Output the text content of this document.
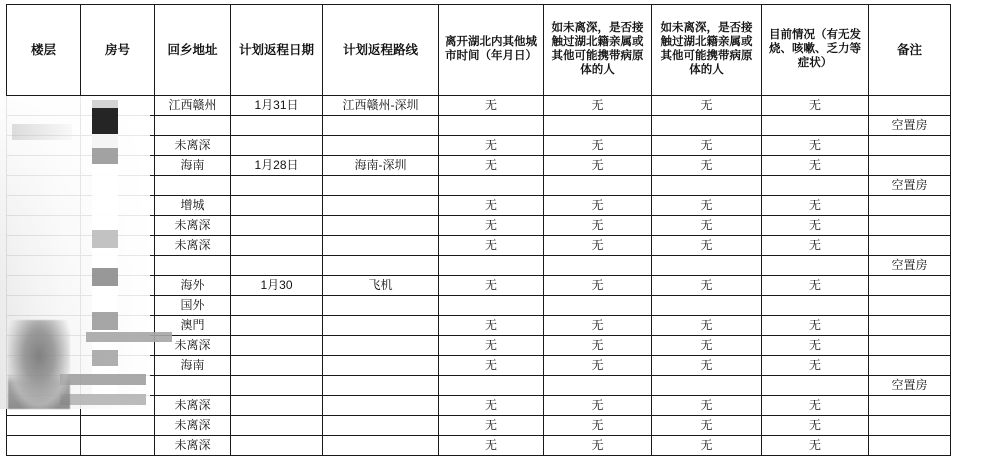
楼层	房号	回乡地址	计划返程日期	计划返程路线	离开湖北内其他城市时间（年月日）	如未离深，是否接触过湖北籍亲属或其他可能携带病原体的人	如未离深，是否接触过湖北籍亲属或其他可能携带病原体的人	目前情况（有无发烧、咳嗽、乏力等症状）	备注
		江西赣州	1月31日	江西赣州-深圳	无	无	无	无	
									空置房
		未离深			无	无	无	无	
		海南	1月28日	海南-深圳	无	无	无	无	
									空置房
		增城			无	无	无	无	
		未离深			无	无	无	无	
		未离深			无	无	无	无	
									空置房
		海外	1月30	飞机	无	无	无	无	
		国外							
		澳門			无	无	无	无	
		未离深			无	无	无	无	
		海南			无	无	无	无	
									空置房
		未离深			无	无	无	无	
		未离深			无	无	无	无	
		未离深			无	无	无	无	
